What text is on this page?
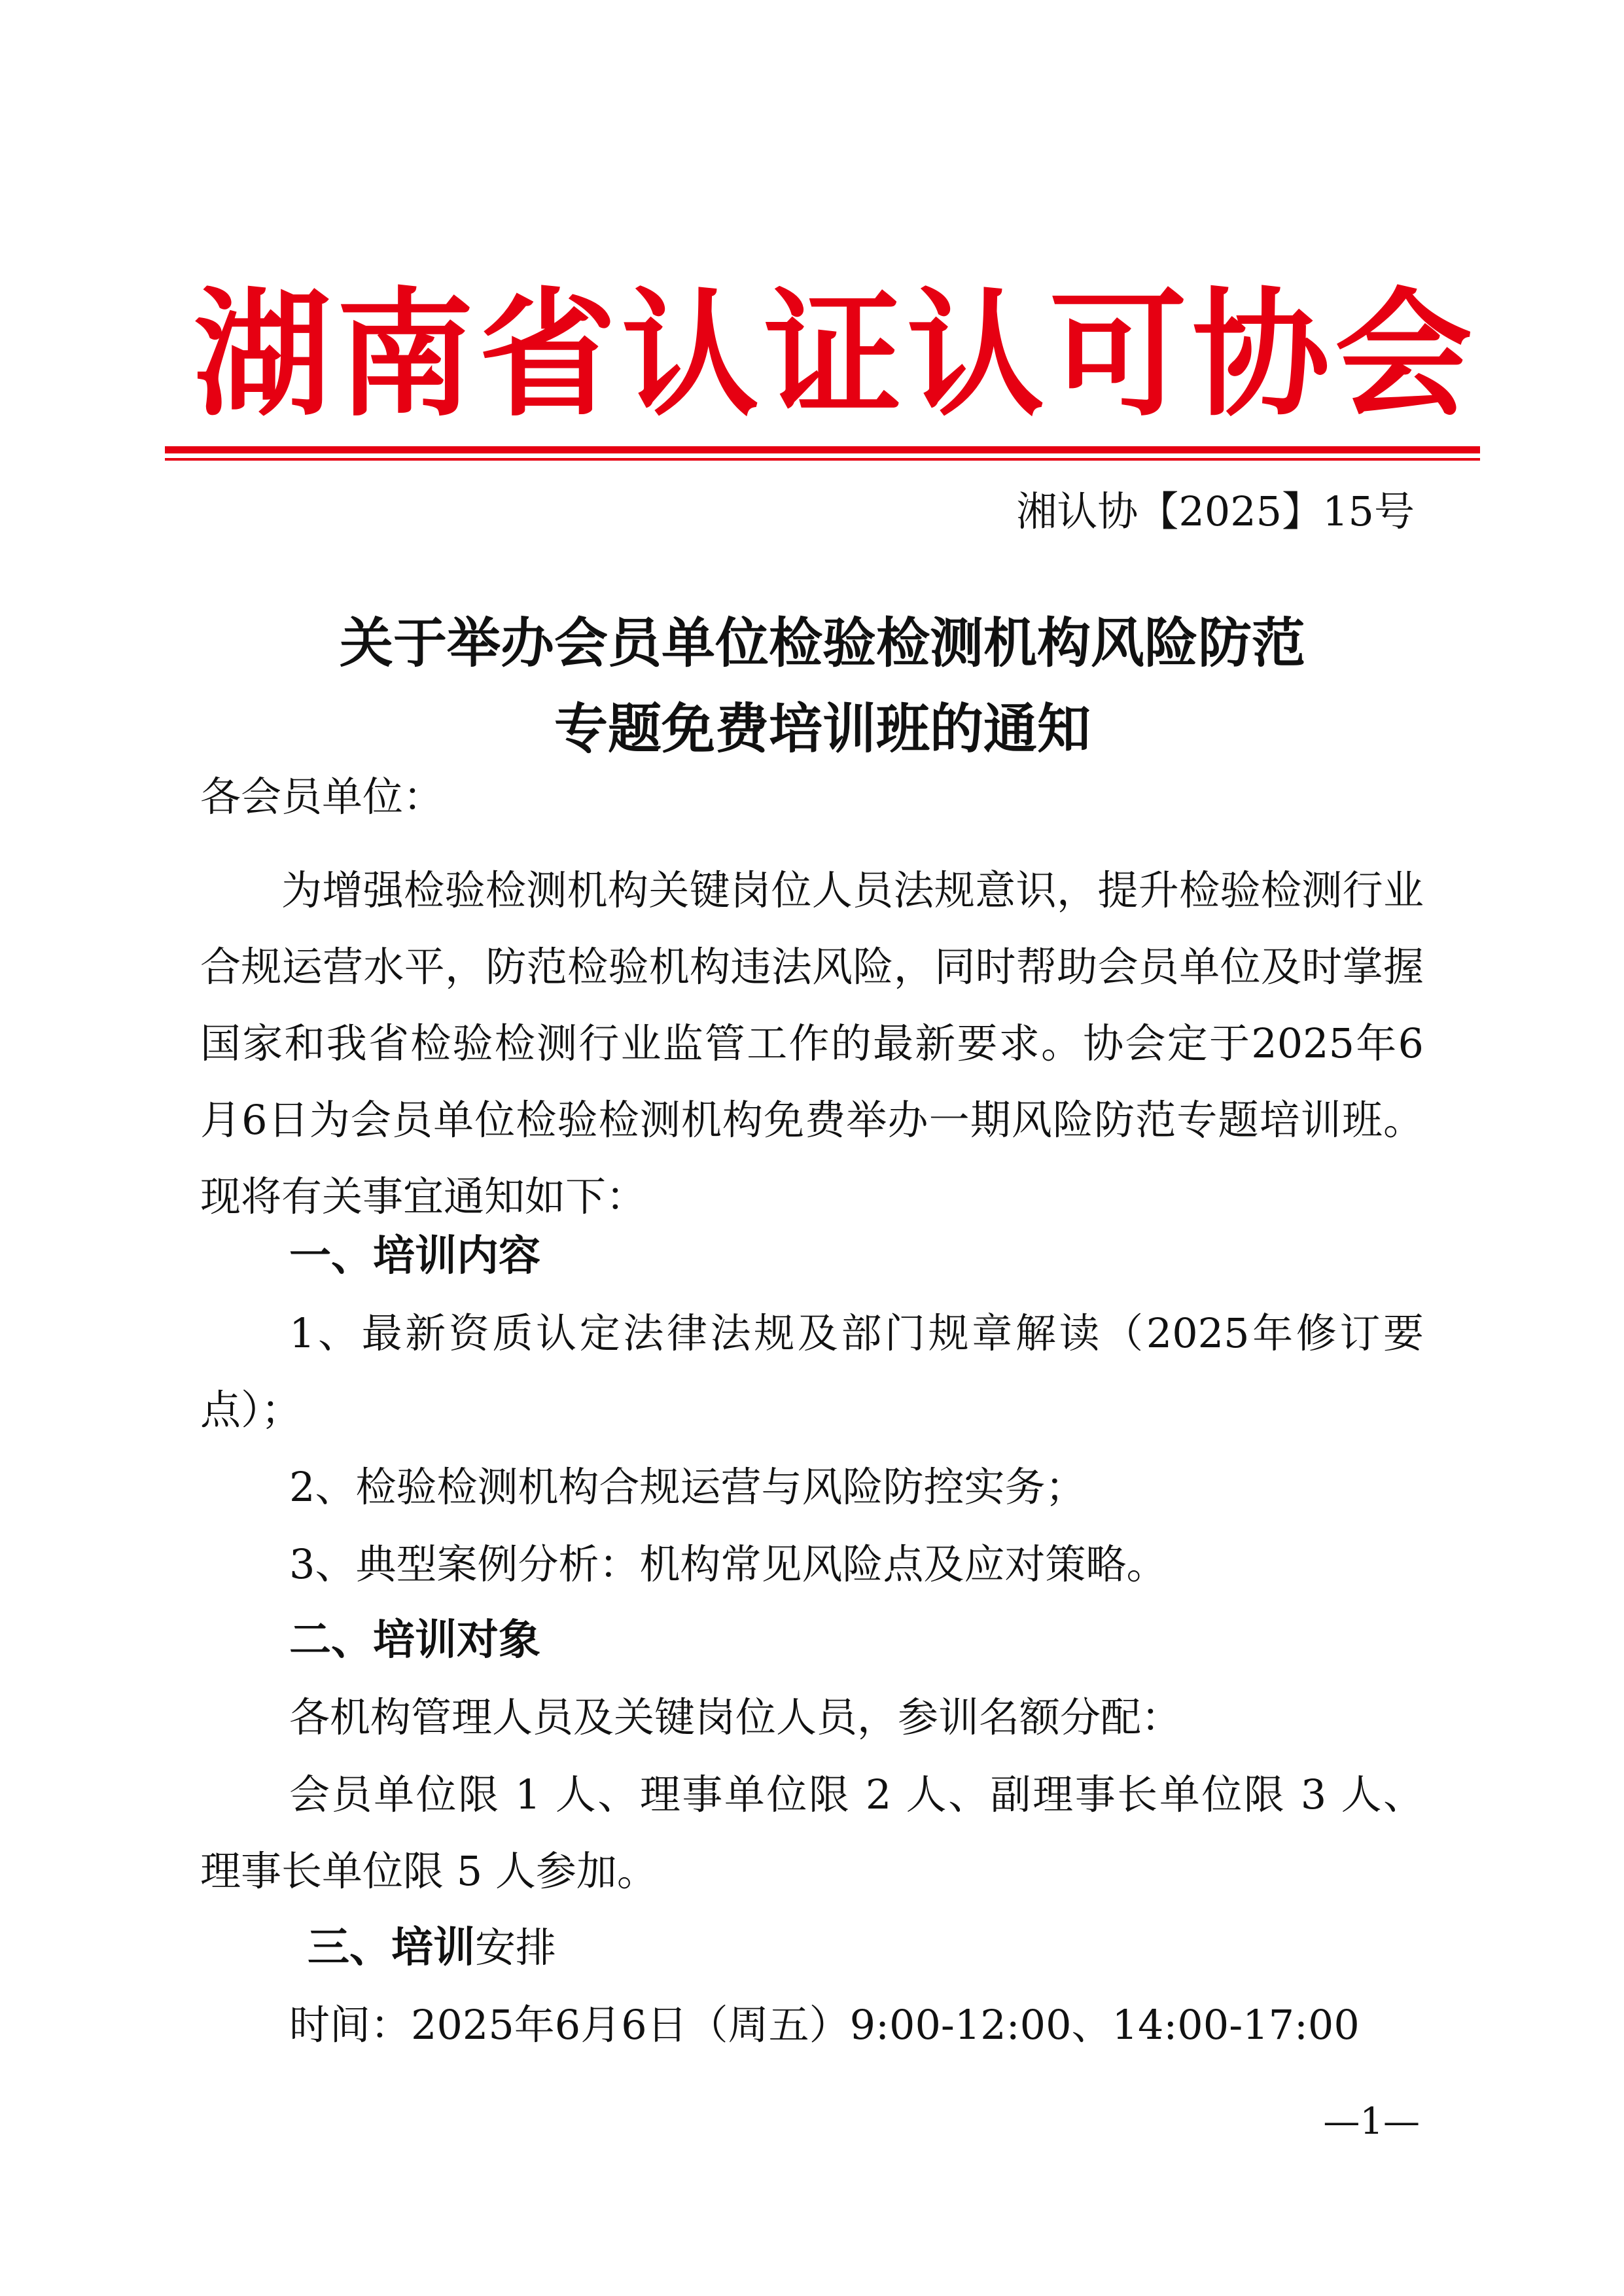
湖南省认证认可协会
湘认协【2025】15号
关于举办会员单位检验检测机构风险防范
专题免费培训班的通知
各会员单位：

为增强检验检测机构关键岗位人员法规意识，提升检验检测行业合规运营水平，防范检验机构违法风险，同时帮助会员单位及时掌握国家和我省检验检测行业监管工作的最新要求。协会定于2025年6月6日为会员单位检验检测机构免费举办一期风险防范专题培训班。现将有关事宜通知如下：

一、培训内容
1、最新资质认定法律法规及部门规章解读（2025年修订要
点）；
2、检验检测机构合规运营与风险防控实务；
3、典型案例分析：机构常见风险点及应对策略。
二、培训对象
各机构管理人员及关键岗位人员，参训名额分配：
会员单位限 1 人、理事单位限 2 人、副理事长单位限 3 人、
理事长单位限 5 人参加。
三、培训安排
时间：2025年6月6日（周五）9:00-12:00、14:00-17:00
—1—
